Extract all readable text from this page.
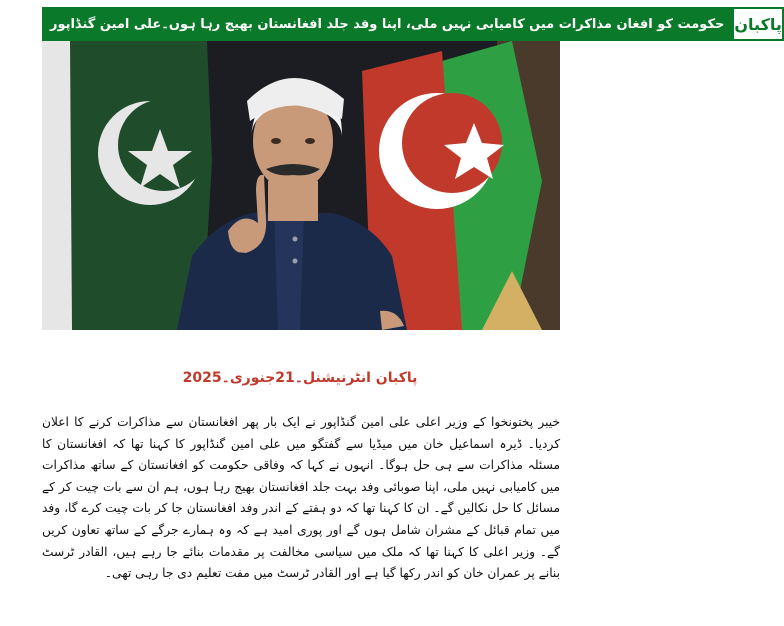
حکومت کو افغان مذاکرات میں کامیابی نہیں ملی، اپنا وفد جلد افغانستان بھیج رہا ہوں۔علی امین گنڈاپور پاکبان
پاکبان انٹرنیشنل۔21جنوری۔2025

خیبر پختونخوا کے وزیر اعلی علی امین گنڈاپور نے ایک بار پھر افغانستان سے مذاکرات کرنے کا اعلان کردیا۔ ڈیرہ اسماعیل خان میں میڈیا سے گفتگو میں علی امین گنڈاپور کا کہنا تھا کہ افغانستان کا مسئلہ مذاکرات سے ہی حل ہوگا۔ انہوں نے کہا کہ وفاقی حکومت کو افغانستان کے ساتھ مذاکرات میں کامیابی نہیں ملی، اپنا صوبائی وفد بہت جلد افغانستان بھیج رہا ہوں، ہم ان سے بات چیت کر کے مسائل کا حل نکالیں گے۔ ان کا کہنا تھا کہ دو ہفتے کے اندر وفد افغانستان جا کر بات چیت کرے گا، وفد میں تمام قبائل کے مشران شامل ہوں گے اور پوری امید ہے کہ وہ ہمارے جرگے کے ساتھ تعاون کریں گے۔ وزیر اعلی کا کہنا تھا کہ ملک میں سیاسی مخالفت پر مقدمات بنائے جا رہے ہیں، القادر ٹرسٹ بنانے پر عمران خان کو اندر رکھا گیا ہے اور القادر ٹرسٹ میں مفت تعلیم دی جا رہی تھی۔
